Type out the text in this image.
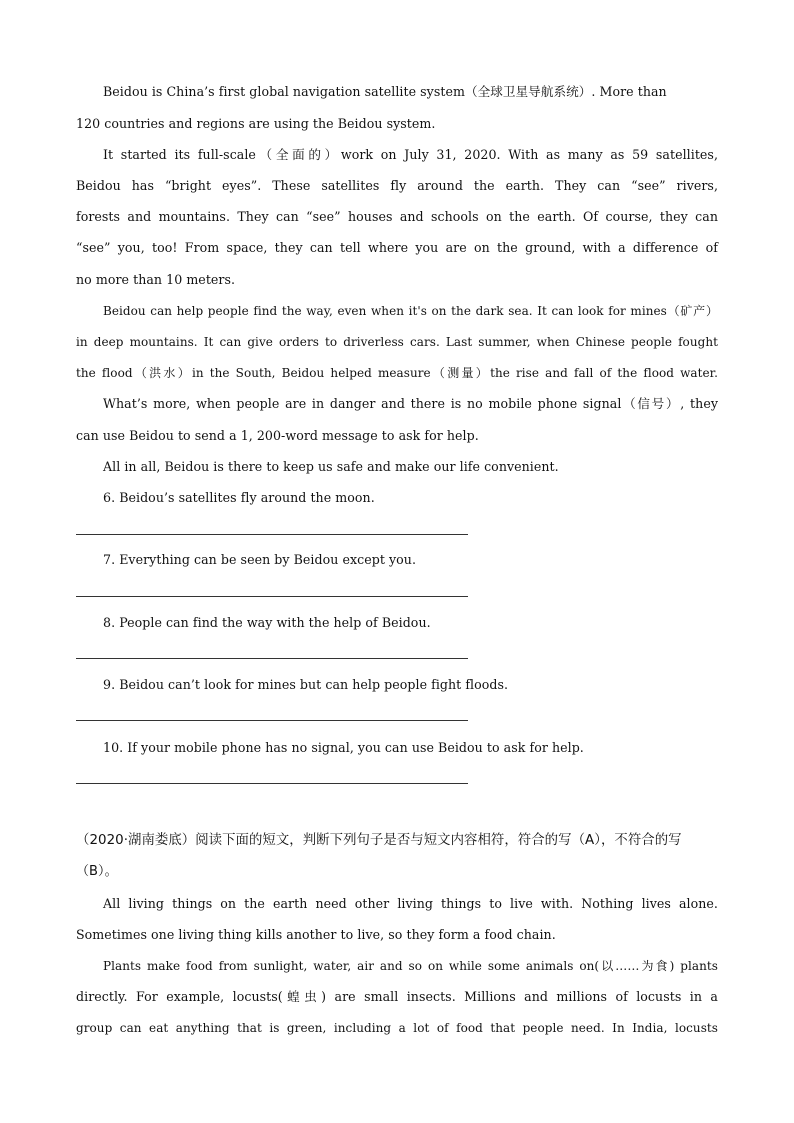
Beidou is China’s first global navigation satellite system（全球卫星导航系统）. More than
120 countries and regions are using the Beidou system.
It started its full-scale（全面的）work on July 31, 2020. With as many as 59 satellites,
Beidou has “bright eyes”. These satellites fly around the earth. They can “see” rivers,
forests and mountains. They can “see” houses and schools on the earth. Of course, they can
“see” you, too! From space, they can tell where you are on the ground, with a difference of
no more than 10 meters.
Beidou can help people find the way, even when it's on the dark sea. It can look for mines（矿产）
in deep mountains. It can give orders to driverless cars. Last summer, when Chinese people fought
the flood（洪水）in the South, Beidou helped measure（测量）the rise and fall of the flood water.
What’s more, when people are in danger and there is no mobile phone signal（信号）, they
can use Beidou to send a 1, 200-word message to ask for help.
All in all, Beidou is there to keep us safe and make our life convenient.
6. Beidou’s satellites fly around the moon.
7. Everything can be seen by Beidou except you.
8. People can find the way with the help of Beidou.
9. Beidou can’t look for mines but can help people fight floods.
10. If your mobile phone has no signal, you can use Beidou to ask for help.
（2020·湖南娄底）阅读下面的短文，判断下列句子是否与短文内容相符，符合的写（A），不符合的写
（B）。
All living things on the earth need other living things to live with. Nothing lives alone.
Sometimes one living thing kills another to live, so they form a food chain.
Plants make food from sunlight, water, air and so on while some animals on(以……为食) plants
directly. For example, locusts(蝗虫) are small insects. Millions and millions of locusts in a
group can eat anything that is green, including a lot of food that people need. In India, locusts
